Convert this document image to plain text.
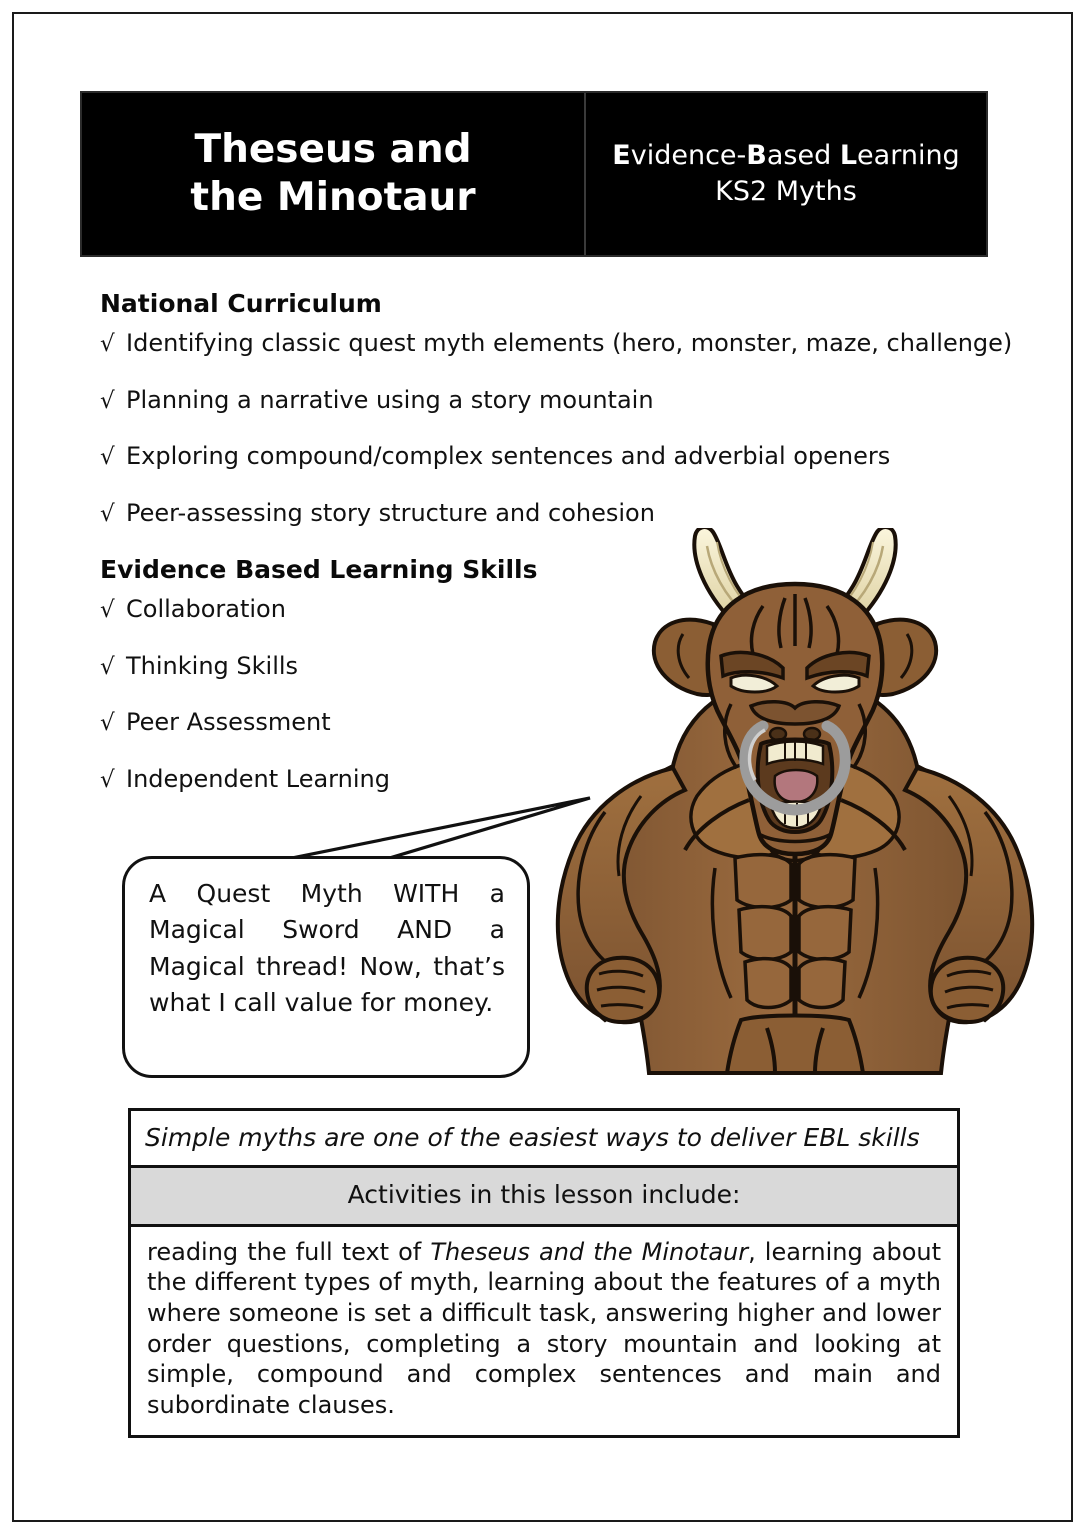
Theseus and
the Minotaur
Evidence-Based Learning
KS2 Myths
National Curriculum
√ Identifying classic quest myth elements (hero, monster, maze, challenge)
√ Planning a narrative using a story mountain
√ Exploring compound/complex sentences and adverbial openers
√ Peer-assessing story structure and cohesion
Evidence Based Learning Skills
√ Collaboration
√ Thinking Skills
√ Peer Assessment
√ Independent Learning
A Quest Myth WITH a Magical Sword AND a Magical thread! Now, that’s what I call value for money.
Simple myths are one of the easiest ways to deliver EBL skills
Activities in this lesson include:
reading the full text of Theseus and the Minotaur, learning about the different types of myth, learning about the features of a myth where someone is set a difficult task, answering higher and lower order questions, completing a story mountain and looking at simple, compound and complex sentences and main and subordinate clauses.
